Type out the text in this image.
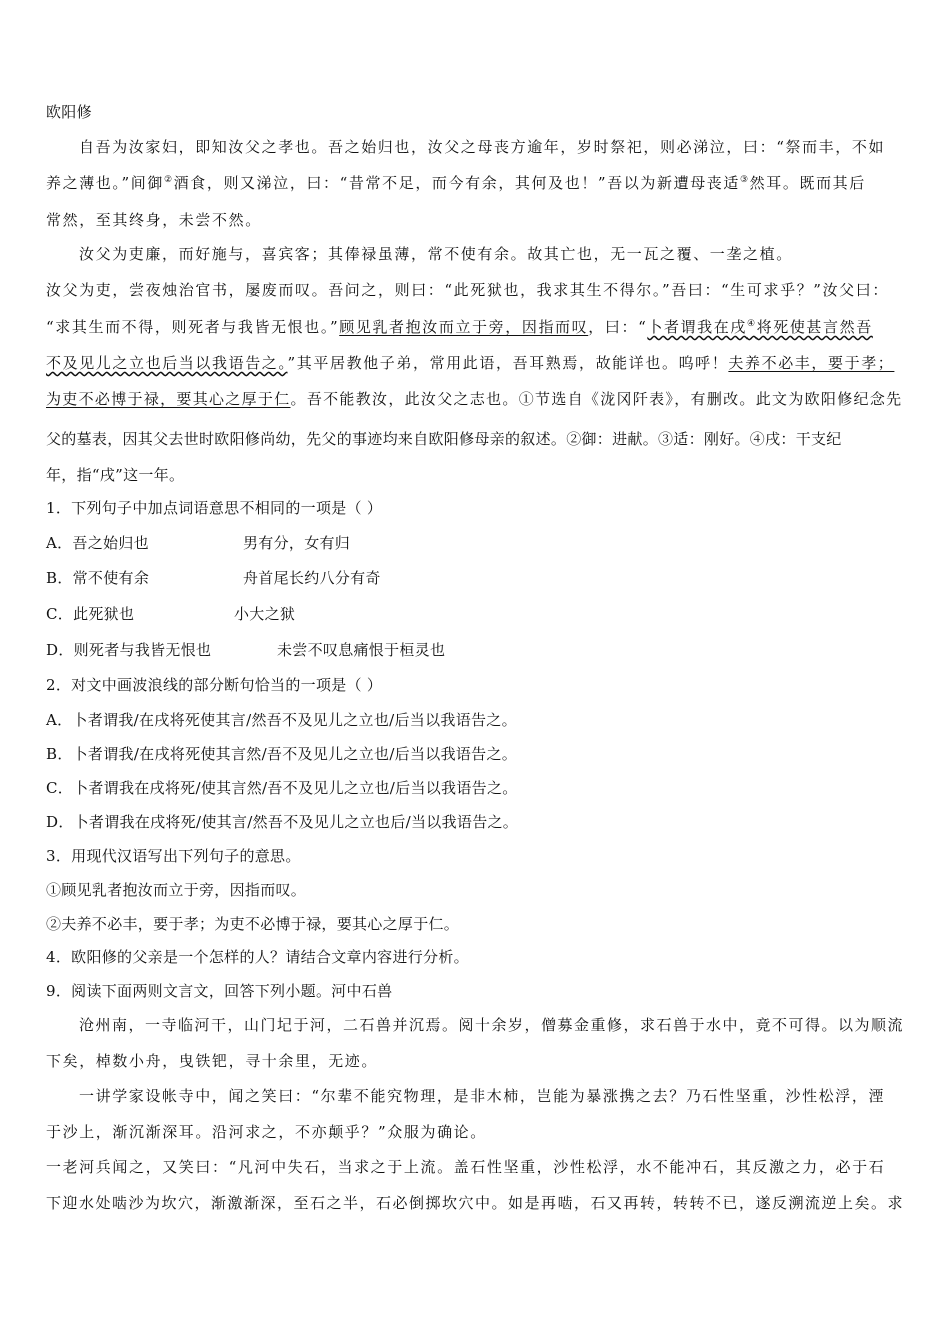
欧阳修
自吾为汝家妇，即知汝父之孝也。吾之始归也，汝父之母丧方逾年，岁时祭祀，则必涕泣，曰：“祭而丰，不如
养之薄也。”间御②酒食，则又涕泣，曰：“昔常不足，而今有余，其何及也！”吾以为新遭母丧适③然耳。既而其后
常然，至其终身，未尝不然。
汝父为吏廉，而好施与，喜宾客；其俸禄虽薄，常不使有余。故其亡也，无一瓦之覆、一垄之植。
汝父为吏，尝夜烛治官书，屡废而叹。吾问之，则曰：“此死狱也，我求其生不得尔。”吾曰：“生可求乎？”汝父曰：
“求其生而不得，则死者与我皆无恨也。”顾见乳者抱汝而立于旁，因指而叹，曰：“卜者谓我在戌④将死使甚言然吾
不及见儿之立也后当以我语告之。”其平居教他子弟，常用此语，吾耳熟焉，故能详也。呜呼！夫养不必丰，要于孝；
为吏不必博于禄，要其心之厚于仁。吾不能教汝，此汝父之志也。①节选自《泷冈阡表》，有删改。此文为欧阳修纪念先
父的墓表，因其父去世时欧阳修尚幼，先父的事迹均来自欧阳修母亲的叙述。②御：进献。③适：刚好。④戌：干支纪
年，指“戌”这一年。
1．下列句子中加点词语意思不相同的一项是（ ）
A．吾之始归也	男有分，女有归
B．常不使有余	舟首尾长约八分有奇
C．此死狱也	小大之狱
D．则死者与我皆无恨也	未尝不叹息痛恨于桓灵也
2．对文中画波浪线的部分断句恰当的一项是（ ）
A．卜者谓我/在戌将死使其言/然吾不及见儿之立也/后当以我语告之。
B．卜者谓我/在戌将死使其言然/吾不及见儿之立也/后当以我语告之。
C．卜者谓我在戌将死/使其言然/吾不及见儿之立也/后当以我语告之。
D．卜者谓我在戌将死/使其言/然吾不及见儿之立也后/当以我语告之。
3．用现代汉语写出下列句子的意思。
①顾见乳者抱汝而立于旁，因指而叹。
②夫养不必丰，要于孝；为吏不必博于禄，要其心之厚于仁。
4．欧阳修的父亲是一个怎样的人？请结合文章内容进行分析。
9．阅读下面两则文言文，回答下列小题。河中石兽
沧州南，一寺临河干，山门圮于河，二石兽并沉焉。阅十余岁，僧募金重修，求石兽于水中，竟不可得。以为顺流
下矣，棹数小舟，曳铁钯，寻十余里，无迹。
一讲学家设帐寺中，闻之笑曰：“尔辈不能究物理，是非木柿，岂能为暴涨携之去？乃石性坚重，沙性松浮，湮
于沙上，渐沉渐深耳。沿河求之，不亦颠乎？”众服为确论。
一老河兵闻之，又笑曰：“凡河中失石，当求之于上流。盖石性坚重，沙性松浮，水不能冲石，其反激之力，必于石
下迎水处啮沙为坎穴，渐激渐深，至石之半，石必倒掷坎穴中。如是再啮，石又再转，转转不已，遂反溯流逆上矣。求
